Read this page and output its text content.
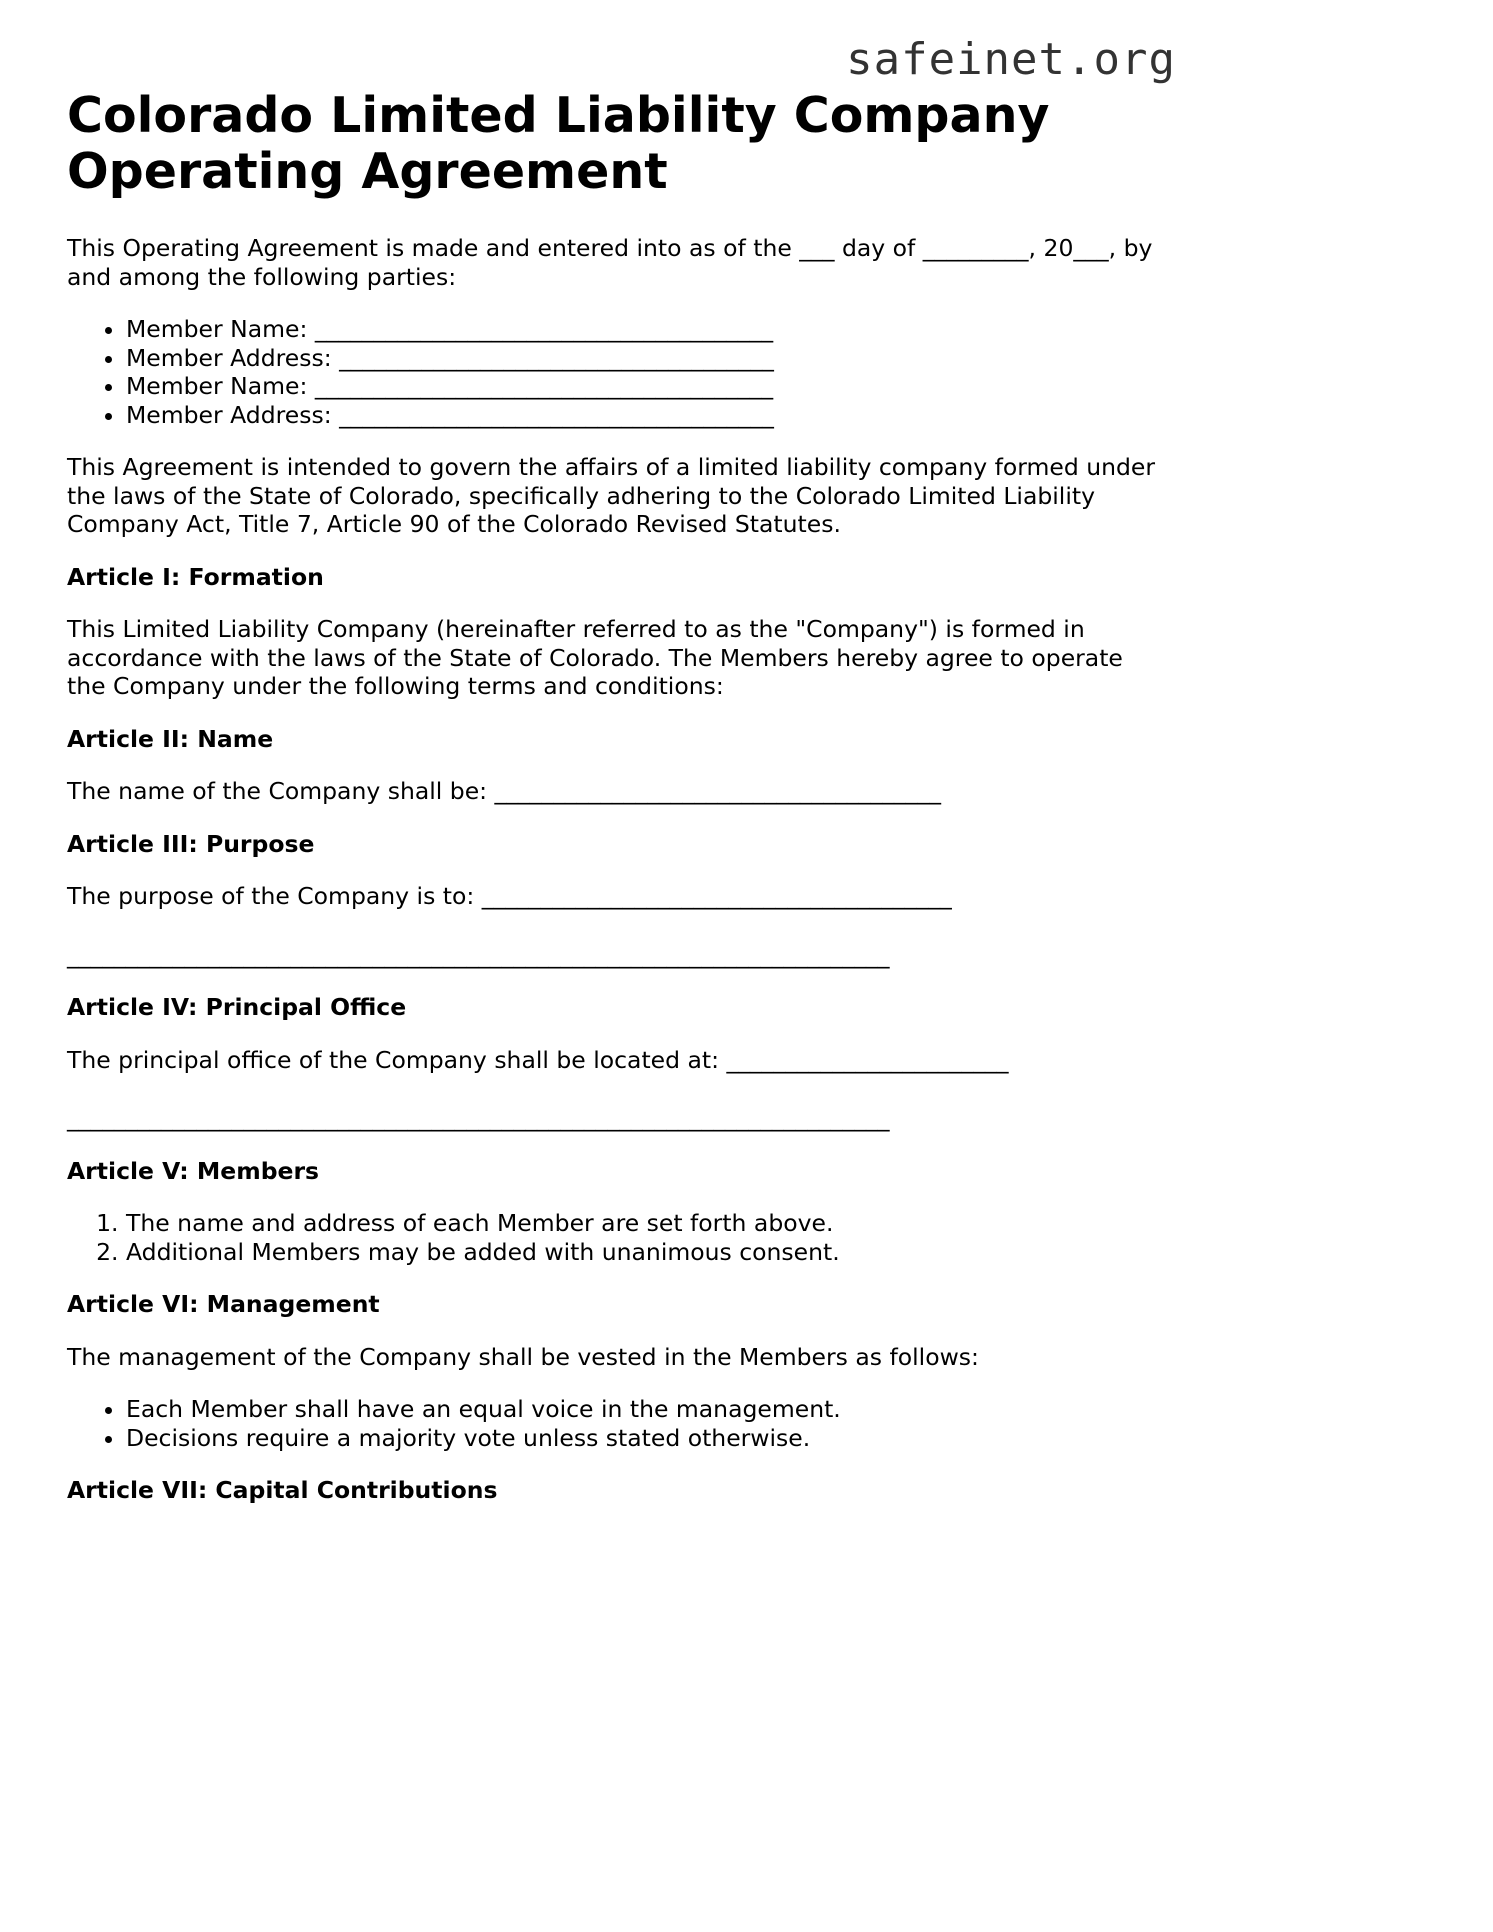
safeinet.org
Colorado Limited Liability Company Operating Agreement

This Operating Agreement is made and entered into as of the ___ day of _________, 20___, by and among the following parties:

• Member Name: _______________________________________
• Member Address: _____________________________________
• Member Name: _______________________________________
• Member Address: _____________________________________

This Agreement is intended to govern the affairs of a limited liability company formed under the laws of the State of Colorado, specifically adhering to the Colorado Limited Liability Company Act, Title 7, Article 90 of the Colorado Revised Statutes.

Article I: Formation

This Limited Liability Company (hereinafter referred to as the "Company") is formed in accordance with the laws of the State of Colorado. The Members hereby agree to operate the Company under the following terms and conditions:

Article II: Name
The name of the Company shall be: ______________________________________
Article III: Purpose
The purpose of the Company is to: ________________________________________
______________________________________________________________________
Article IV: Principal Office
The principal office of the Company shall be located at: ________________________
______________________________________________________________________
Article V: Members
1. The name and address of each Member are set forth above.
2. Additional Members may be added with unanimous consent.
Article VI: Management

The management of the Company shall be vested in the Members as follows:

• Each Member shall have an equal voice in the management.
• Decisions require a majority vote unless stated otherwise.
Article VII: Capital Contributions
